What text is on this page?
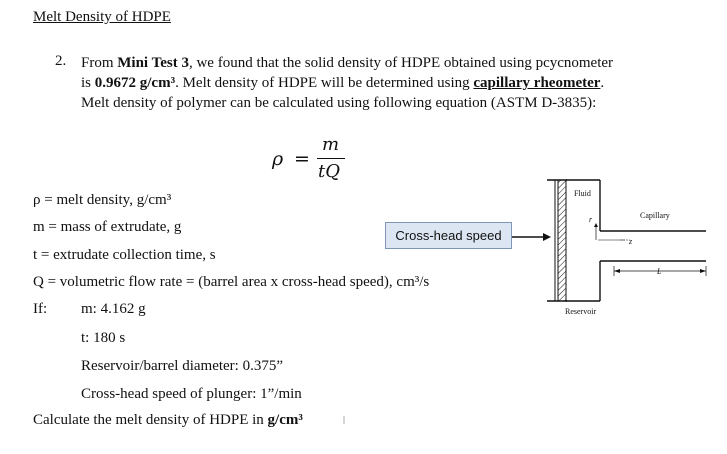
Melt Density of HDPE
2. From Mini Test 3, we found that the solid density of HDPE obtained using pcycnometer
is 0.9672 g/cm³. Melt density of HDPE will be determined using capillary rheometer.
Melt density of polymer can be calculated using following equation (ASTM D-3835):
ρ =
m
tQ
ρ = melt density, g/cm³
m = mass of extrudate, g
t = extrudate collection time, s
Q = volumetric flow rate = (barrel area x cross-head speed), cm³/s
If: m: 4.162 g
t: 180 s
Reservoir/barrel diameter: 0.375”
Cross-head speed of plunger: 1”/min
Calculate the melt density of HDPE in g/cm³
Cross-head speed
Fluid
Capillary
Reservoir
r
z
L
